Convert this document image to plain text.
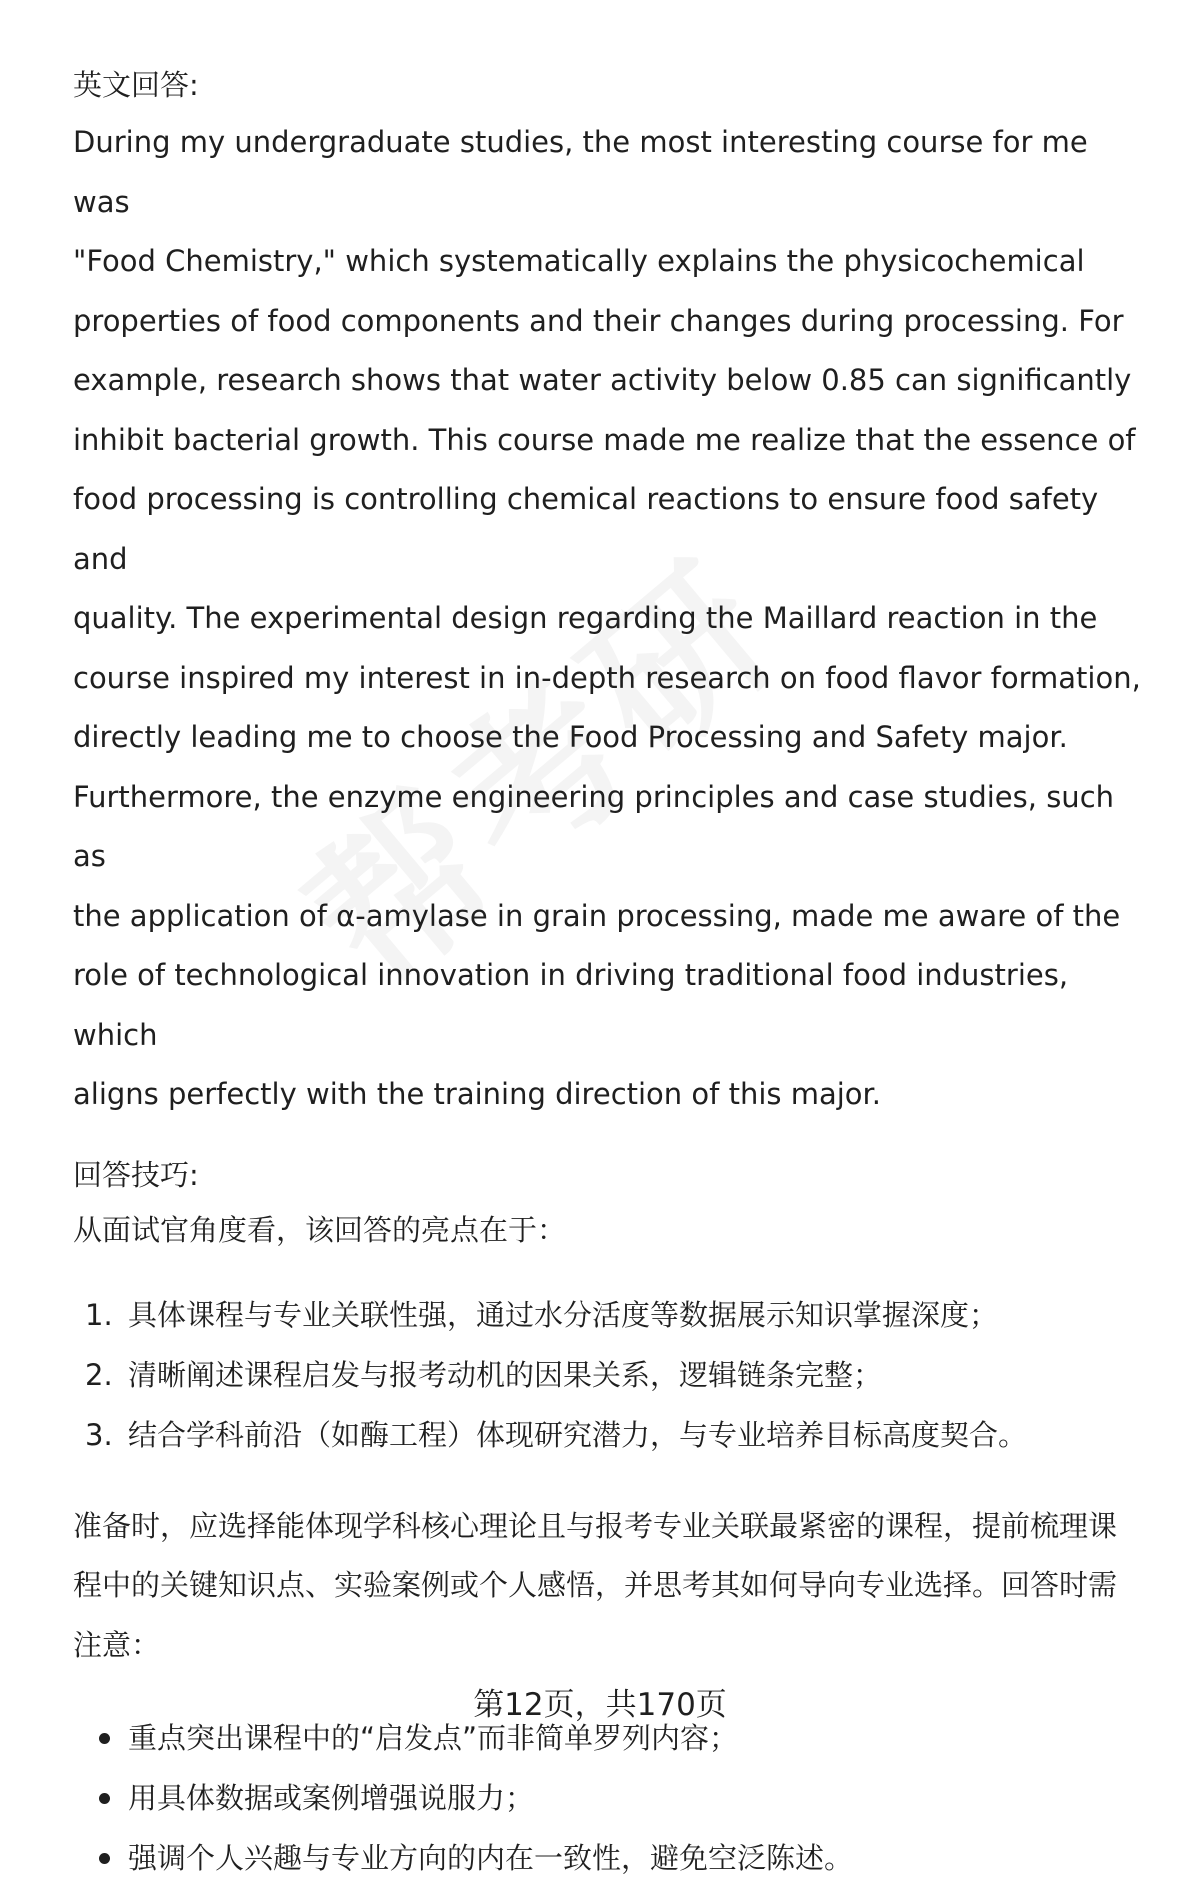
英文回答:

During my undergraduate studies, the most interesting course for me was
"Food Chemistry," which systematically explains the physicochemical
properties of food components and their changes during processing. For
example, research shows that water activity below 0.85 can significantly
inhibit bacterial growth. This course made me realize that the essence of
food processing is controlling chemical reactions to ensure food safety and
quality. The experimental design regarding the Maillard reaction in the
course inspired my interest in in-depth research on food flavor formation,
directly leading me to choose the Food Processing and Safety major.
Furthermore, the enzyme engineering principles and case studies, such as
the application of α-amylase in grain processing, made me aware of the
role of technological innovation in driving traditional food industries, which
aligns perfectly with the training direction of this major.

回答技巧:

从面试官角度看，该回答的亮点在于：

1. 具体课程与专业关联性强，通过水分活度等数据展示知识掌握深度；
2. 清晰阐述课程启发与报考动机的因果关系，逻辑链条完整；
3. 结合学科前沿（如酶工程）体现研究潜力，与专业培养目标高度契合。
准备时，应选择能体现学科核心理论且与报考专业关联最紧密的课程，提前梳理课
程中的关键知识点、实验案例或个人感悟，并思考其如何导向专业选择。回答时需
注意：
重点突出课程中的“启发点”而非简单罗列内容；
用具体数据或案例增强说服力；
强调个人兴趣与专业方向的内在一致性，避免空泛陈述。
第12页，共170页
